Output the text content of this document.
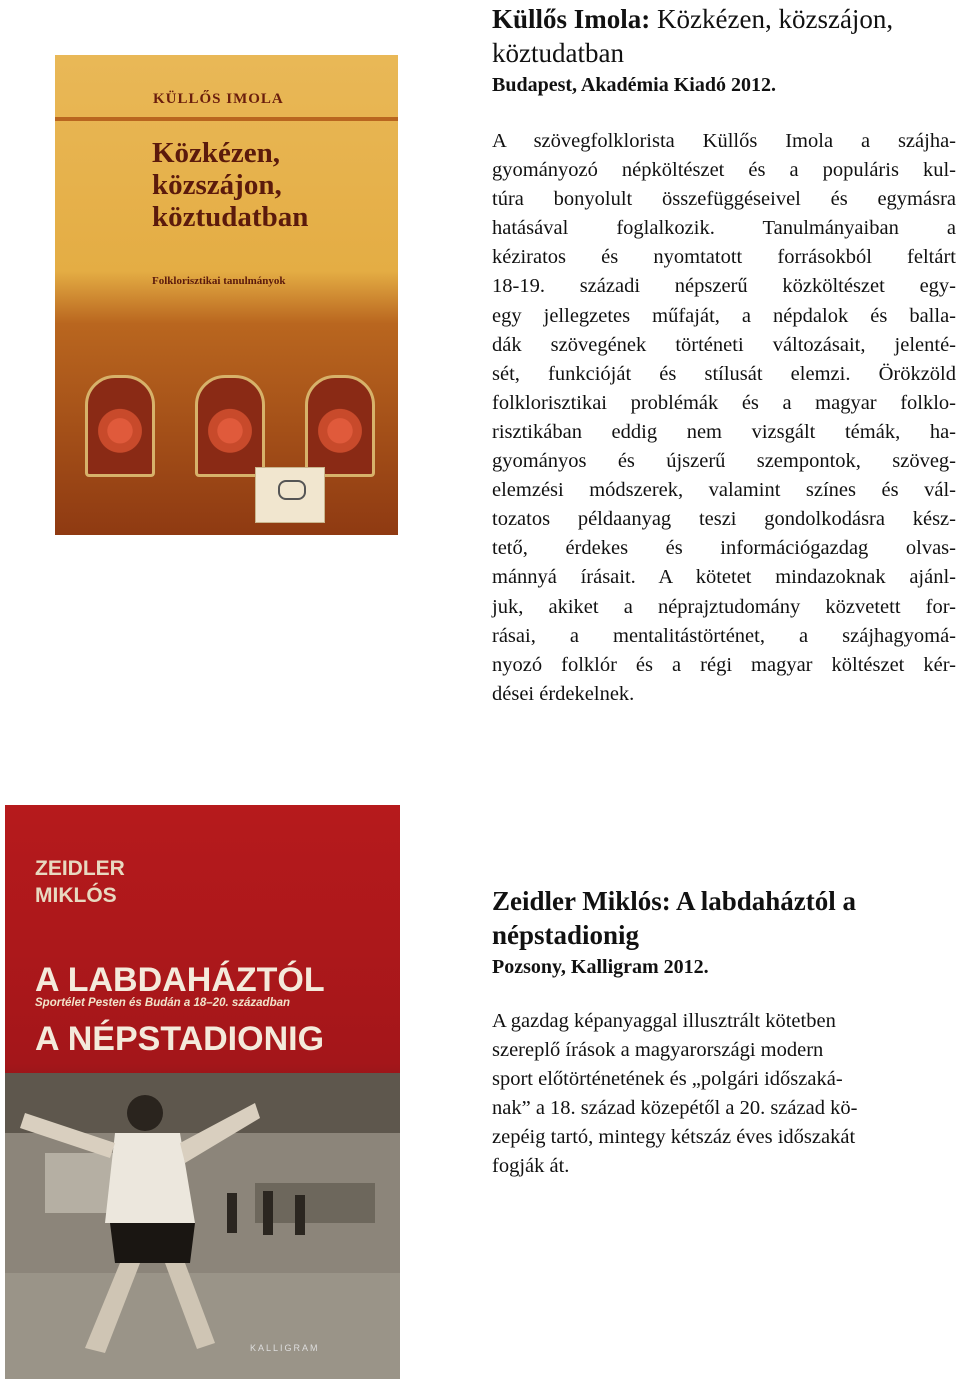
KÜLLŐS IMOLA
Közkézen,
közszájon,
köztudatban
Folklorisztikai tanulmányok
Küllős Imola: Közkézen, közszájon,
köztudatban
Budapest, Akadémia Kiadó 2012.
A szövegfolklorista Küllős Imola a szájha-
gyományozó népköltészet és a populáris kul-
túra bonyolult összefüggéseivel és egymásra
hatásával foglalkozik. Tanulmányaiban a
kéziratos és nyomtatott forrásokból feltárt
18-19. századi népszerű közköltészet egy-
egy jellegzetes műfaját, a népdalok és balla-
dák szövegének történeti változásait, jelenté-
sét, funkcióját és stílusát elemzi. Örökzöld
folklorisztikai problémák és a magyar folklo-
risztikában eddig nem vizsgált témák, ha-
gyományos és újszerű szempontok, szöveg-
elemzési módszerek, valamint színes és vál-
tozatos példaanyag teszi gondolkodásra kész-
tető, érdekes és információgazdag olvas-
mánnyá írásait. A kötetet mindazoknak ajánl-
juk, akiket a néprajztudomány közvetett for-
rásai, a mentalitástörténet, a szájhagyomá-
nyozó folklór és a régi magyar költészet kér-
dései érdekelnek.
ZEIDLER
MIKLÓS
A LABDAHÁZTÓL
Sportélet Pesten és Budán a 18–20. században
A NÉPSTADIONIG
KALLIGRAM
Zeidler Miklós: A labdaháztól a
népstadionig
Pozsony, Kalligram 2012.
A gazdag képanyaggal illusztrált kötetben
szereplő írások a magyarországi modern
sport előtörténetének és „polgári időszaká-
nak” a 18. század közepétől a 20. század kö-
zepéig tartó, mintegy kétszáz éves időszakát
fogják át.
